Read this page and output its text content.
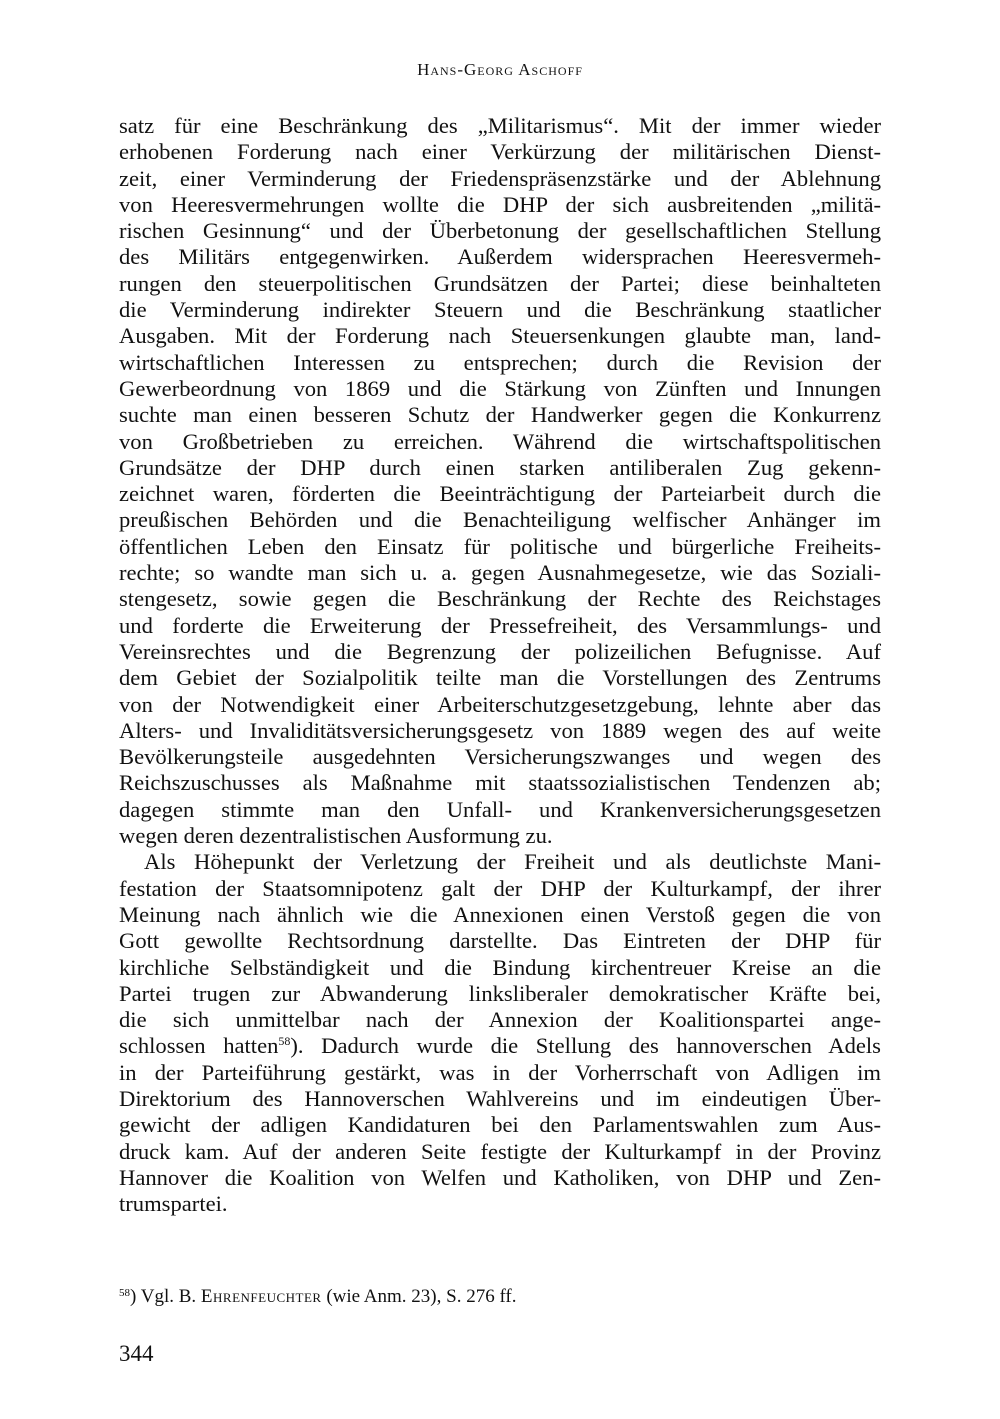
Hans-Georg Aschoff
satz für eine Beschränkung des „Militarismus“. Mit der immer wieder
erhobenen Forderung nach einer Verkürzung der militärischen Dienst-
zeit, einer Verminderung der Friedenspräsenzstärke und der Ablehnung
von Heeresvermehrungen wollte die DHP der sich ausbreitenden „militä-
rischen Gesinnung“ und der Überbetonung der gesellschaftlichen Stellung
des Militärs entgegenwirken. Außerdem widersprachen Heeresvermeh-
rungen den steuerpolitischen Grundsätzen der Partei; diese beinhalteten
die Verminderung indirekter Steuern und die Beschränkung staatlicher
Ausgaben. Mit der Forderung nach Steuersenkungen glaubte man, land-
wirtschaftlichen Interessen zu entsprechen; durch die Revision der
Gewerbeordnung von 1869 und die Stärkung von Zünften und Innungen
suchte man einen besseren Schutz der Handwerker gegen die Konkurrenz
von Großbetrieben zu erreichen. Während die wirtschaftspolitischen
Grundsätze der DHP durch einen starken antiliberalen Zug gekenn-
zeichnet waren, förderten die Beeinträchtigung der Parteiarbeit durch die
preußischen Behörden und die Benachteiligung welfischer Anhänger im
öffentlichen Leben den Einsatz für politische und bürgerliche Freiheits-
rechte; so wandte man sich u. a. gegen Ausnahmegesetze, wie das Soziali-
stengesetz, sowie gegen die Beschränkung der Rechte des Reichstages
und forderte die Erweiterung der Pressefreiheit, des Versammlungs- und
Vereinsrechtes und die Begrenzung der polizeilichen Befugnisse. Auf
dem Gebiet der Sozialpolitik teilte man die Vorstellungen des Zentrums
von der Notwendigkeit einer Arbeiterschutzgesetzgebung, lehnte aber das
Alters- und Invaliditätsversicherungsgesetz von 1889 wegen des auf weite
Bevölkerungsteile ausgedehnten Versicherungszwanges und wegen des
Reichszuschusses als Maßnahme mit staatssozialistischen Tendenzen ab;
dagegen stimmte man den Unfall- und Krankenversicherungsgesetzen
wegen deren dezentralistischen Ausformung zu.
Als Höhepunkt der Verletzung der Freiheit und als deutlichste Mani-
festation der Staatsomnipotenz galt der DHP der Kulturkampf, der ihrer
Meinung nach ähnlich wie die Annexionen einen Verstoß gegen die von
Gott gewollte Rechtsordnung darstellte. Das Eintreten der DHP für
kirchliche Selbständigkeit und die Bindung kirchentreuer Kreise an die
Partei trugen zur Abwanderung linksliberaler demokratischer Kräfte bei,
die sich unmittelbar nach der Annexion der Koalitionspartei ange-
schlossen hatten$^{58}$). Dadurch wurde die Stellung des hannoverschen Adels
in der Parteiführung gestärkt, was in der Vorherrschaft von Adligen im
Direktorium des Hannoverschen Wahlvereins und im eindeutigen Über-
gewicht der adligen Kandidaturen bei den Parlamentswahlen zum Aus-
druck kam. Auf der anderen Seite festigte der Kulturkampf in der Provinz
Hannover die Koalition von Welfen und Katholiken, von DHP und Zen-
trumspartei.
$^{58}$) Vgl. B. Ehrenfeuchter (wie Anm. 23), S. 276 ff.
344
